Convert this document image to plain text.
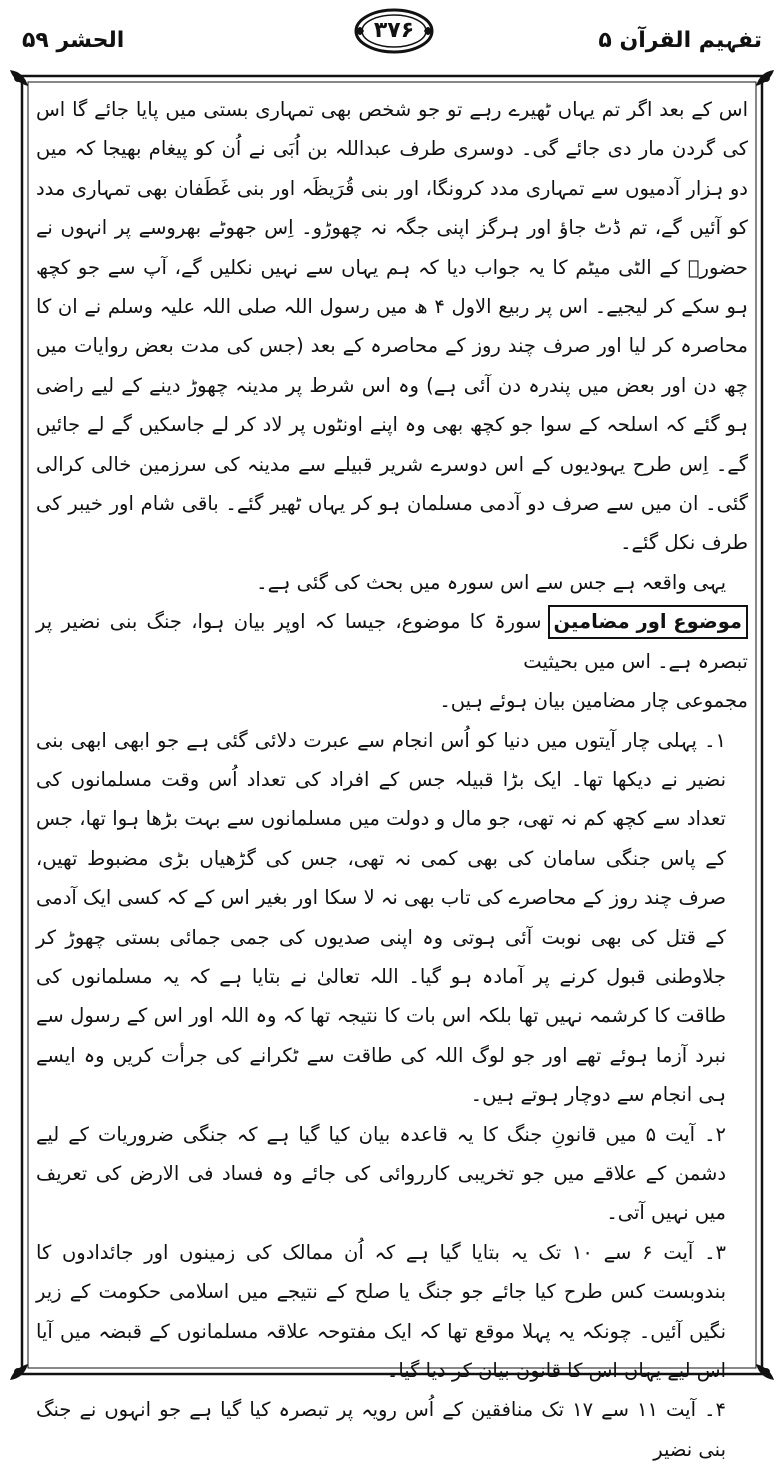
الحشر ۵۹	۳۷۶	تفہیم القرآن ۵

اس کے بعد اگر تم یہاں ٹھیرے رہے تو جو شخص بھی تمہاری بستی میں پایا جائے گا اس کی گردن مار دی جائے گی۔ دوسری طرف عبداللہ بن اُبَی نے اُن کو پیغام بھیجا کہ میں دو ہزار آدمیوں سے تمہاری مدد کرونگا، اور بنی قُرَیظَہ اور بنی غَطَفان بھی تمہاری مدد کو آئیں گے، تم ڈٹ جاؤ اور ہرگز اپنی جگہ نہ چھوڑو۔ اِس جھوٹے بھروسے پر انہوں نے حضورؐ کے الٹی میٹم کا یہ جواب دیا کہ ہم یہاں سے نہیں نکلیں گے، آپ سے جو کچھ ہو سکے کر لیجیے۔ اس پر ربیع الاول ۴ ھ میں رسول اللہ صلی اللہ علیہ وسلم نے ان کا محاصرہ کر لیا اور صرف چند روز کے محاصرہ کے بعد (جس کی مدت بعض روایات میں چھ دن اور بعض میں پندرہ دن آئی ہے) وہ اس شرط پر مدینہ چھوڑ دینے کے لیے راضی ہو گئے کہ اسلحہ کے سوا جو کچھ بھی وہ اپنے اونٹوں پر لاد کر لے جاسکیں گے لے جائیں گے۔ اِس طرح یہودیوں کے اس دوسرے شریر قبیلے سے مدینہ کی سرزمین خالی کرالی گئی۔ ان میں سے صرف دو آدمی مسلمان ہو کر یہاں ٹھیر گئے۔ باقی شام اور خیبر کی طرف نکل گئے۔

یہی واقعہ ہے جس سے اس سورہ میں بحث کی گئی ہے۔

موضوع اور مضامینسورۃ کا موضوع، جیسا کہ اوپر بیان ہوا، جنگ بنی نضیر پر تبصرہ ہے۔ اس میں بحیثیت

مجموعی چار مضامین بیان ہوئے ہیں۔

۱۔ پہلی چار آیتوں میں دنیا کو اُس انجام سے عبرت دلائی گئی ہے جو ابھی ابھی بنی نضیر نے دیکھا تھا۔ ایک بڑا قبیلہ جس کے افراد کی تعداد اُس وقت مسلمانوں کی تعداد سے کچھ کم نہ تھی، جو مال و دولت میں مسلمانوں سے بہت بڑھا ہوا تھا، جس کے پاس جنگی سامان کی بھی کمی نہ تھی، جس کی گڑھیاں بڑی مضبوط تھیں، صرف چند روز کے محاصرے کی تاب بھی نہ لا سکا اور بغیر اس کے کہ کسی ایک آدمی کے قتل کی بھی نوبت آئی ہوتی وہ اپنی صدیوں کی جمی جمائی بستی چھوڑ کر جلاوطنی قبول کرنے پر آمادہ ہو گیا۔ اللہ تعالیٰ نے بتایا ہے کہ یہ مسلمانوں کی طاقت کا کرشمہ نہیں تھا بلکہ اس بات کا نتیجہ تھا کہ وہ اللہ اور اس کے رسول سے نبرد آزما ہوئے تھے اور جو لوگ اللہ کی طاقت سے ٹکرانے کی جرأت کریں وہ ایسے ہی انجام سے دوچار ہوتے ہیں۔

۲۔ آیت ۵ میں قانونِ جنگ کا یہ قاعدہ بیان کیا گیا ہے کہ جنگی ضروریات کے لیے دشمن کے علاقے میں جو تخریبی کارروائی کی جائے وہ فساد فی الارض کی تعریف میں نہیں آتی۔

۳۔ آیت ۶ سے ۱۰ تک یہ بتایا گیا ہے کہ اُن ممالک کی زمینوں اور جائدادوں کا بندوبست کس طرح کیا جائے جو جنگ یا صلح کے نتیجے میں اسلامی حکومت کے زیر نگیں آئیں۔ چونکہ یہ پہلا موقع تھا کہ ایک مفتوحہ علاقہ مسلمانوں کے قبضہ میں آیا اس لیے یہاں اس کا قانون بیان کر دیا گیا۔

۴۔ آیت ۱۱ سے ۱۷ تک منافقین کے اُس رویہ پر تبصرہ کیا گیا ہے جو انہوں نے جنگ بنی نضیر
